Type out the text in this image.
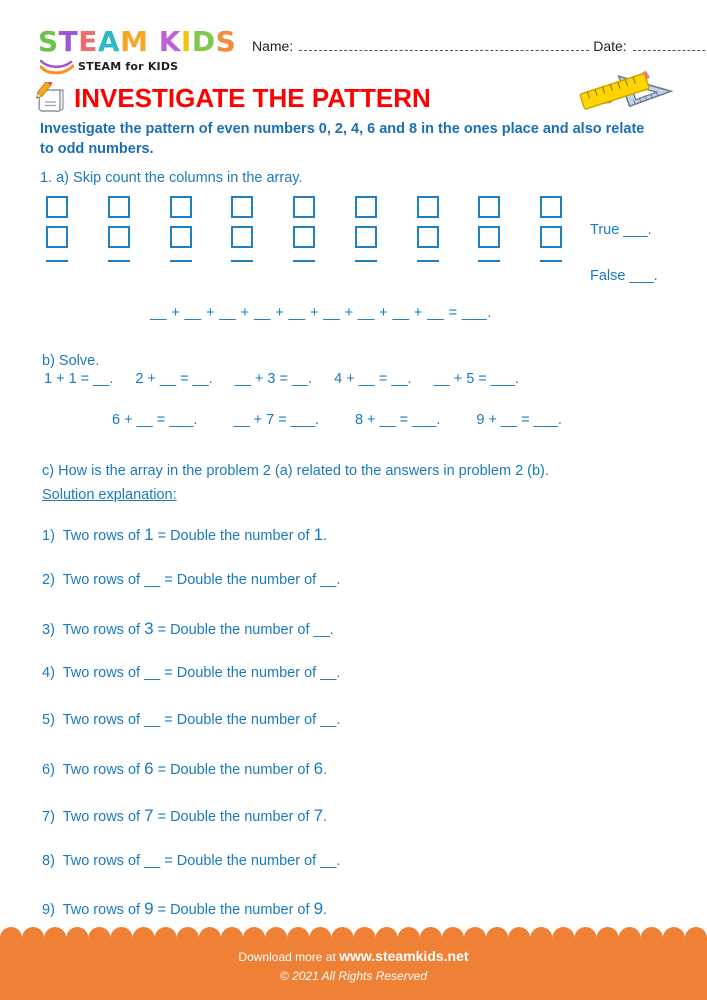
STEAM KIDS
STEAM for KIDS
Name:	Date:
INVESTIGATE THE PATTERN
Investigate the pattern of even numbers 0, 2, 4, 6 and 8 in the ones place and also relate to odd numbers.
1. a) Skip count the columns in the array.
True ___.
False ___.
__ + __ + __ + __ + __ + __ + __ + __ + __ = ___.
b) Solve.
1 + 1 = __. 2 + __ = __. __ + 3 = __. 4 + __ = __. __ + 5 = ___.
6 + __ = ___. __ + 7 = ___. 8 + __ = ___. 9 + __ = ___.
c) How is the array in the problem 2 (a) related to the answers in problem 2 (b).
Solution explanation:
1)  Two rows of 1 = Double the number of 1.
2)  Two rows of __ = Double the number of __.
3)  Two rows of 3 = Double the number of __.
4)  Two rows of __ = Double the number of __.
5)  Two rows of __ = Double the number of __.
6)  Two rows of 6 = Double the number of 6.
7)  Two rows of 7 = Double the number of 7.
8)  Two rows of __ = Double the number of __.
9)  Two rows of 9 = Double the number of 9.
Download more at www.steamkids.net
© 2021 All Rights Reserved
